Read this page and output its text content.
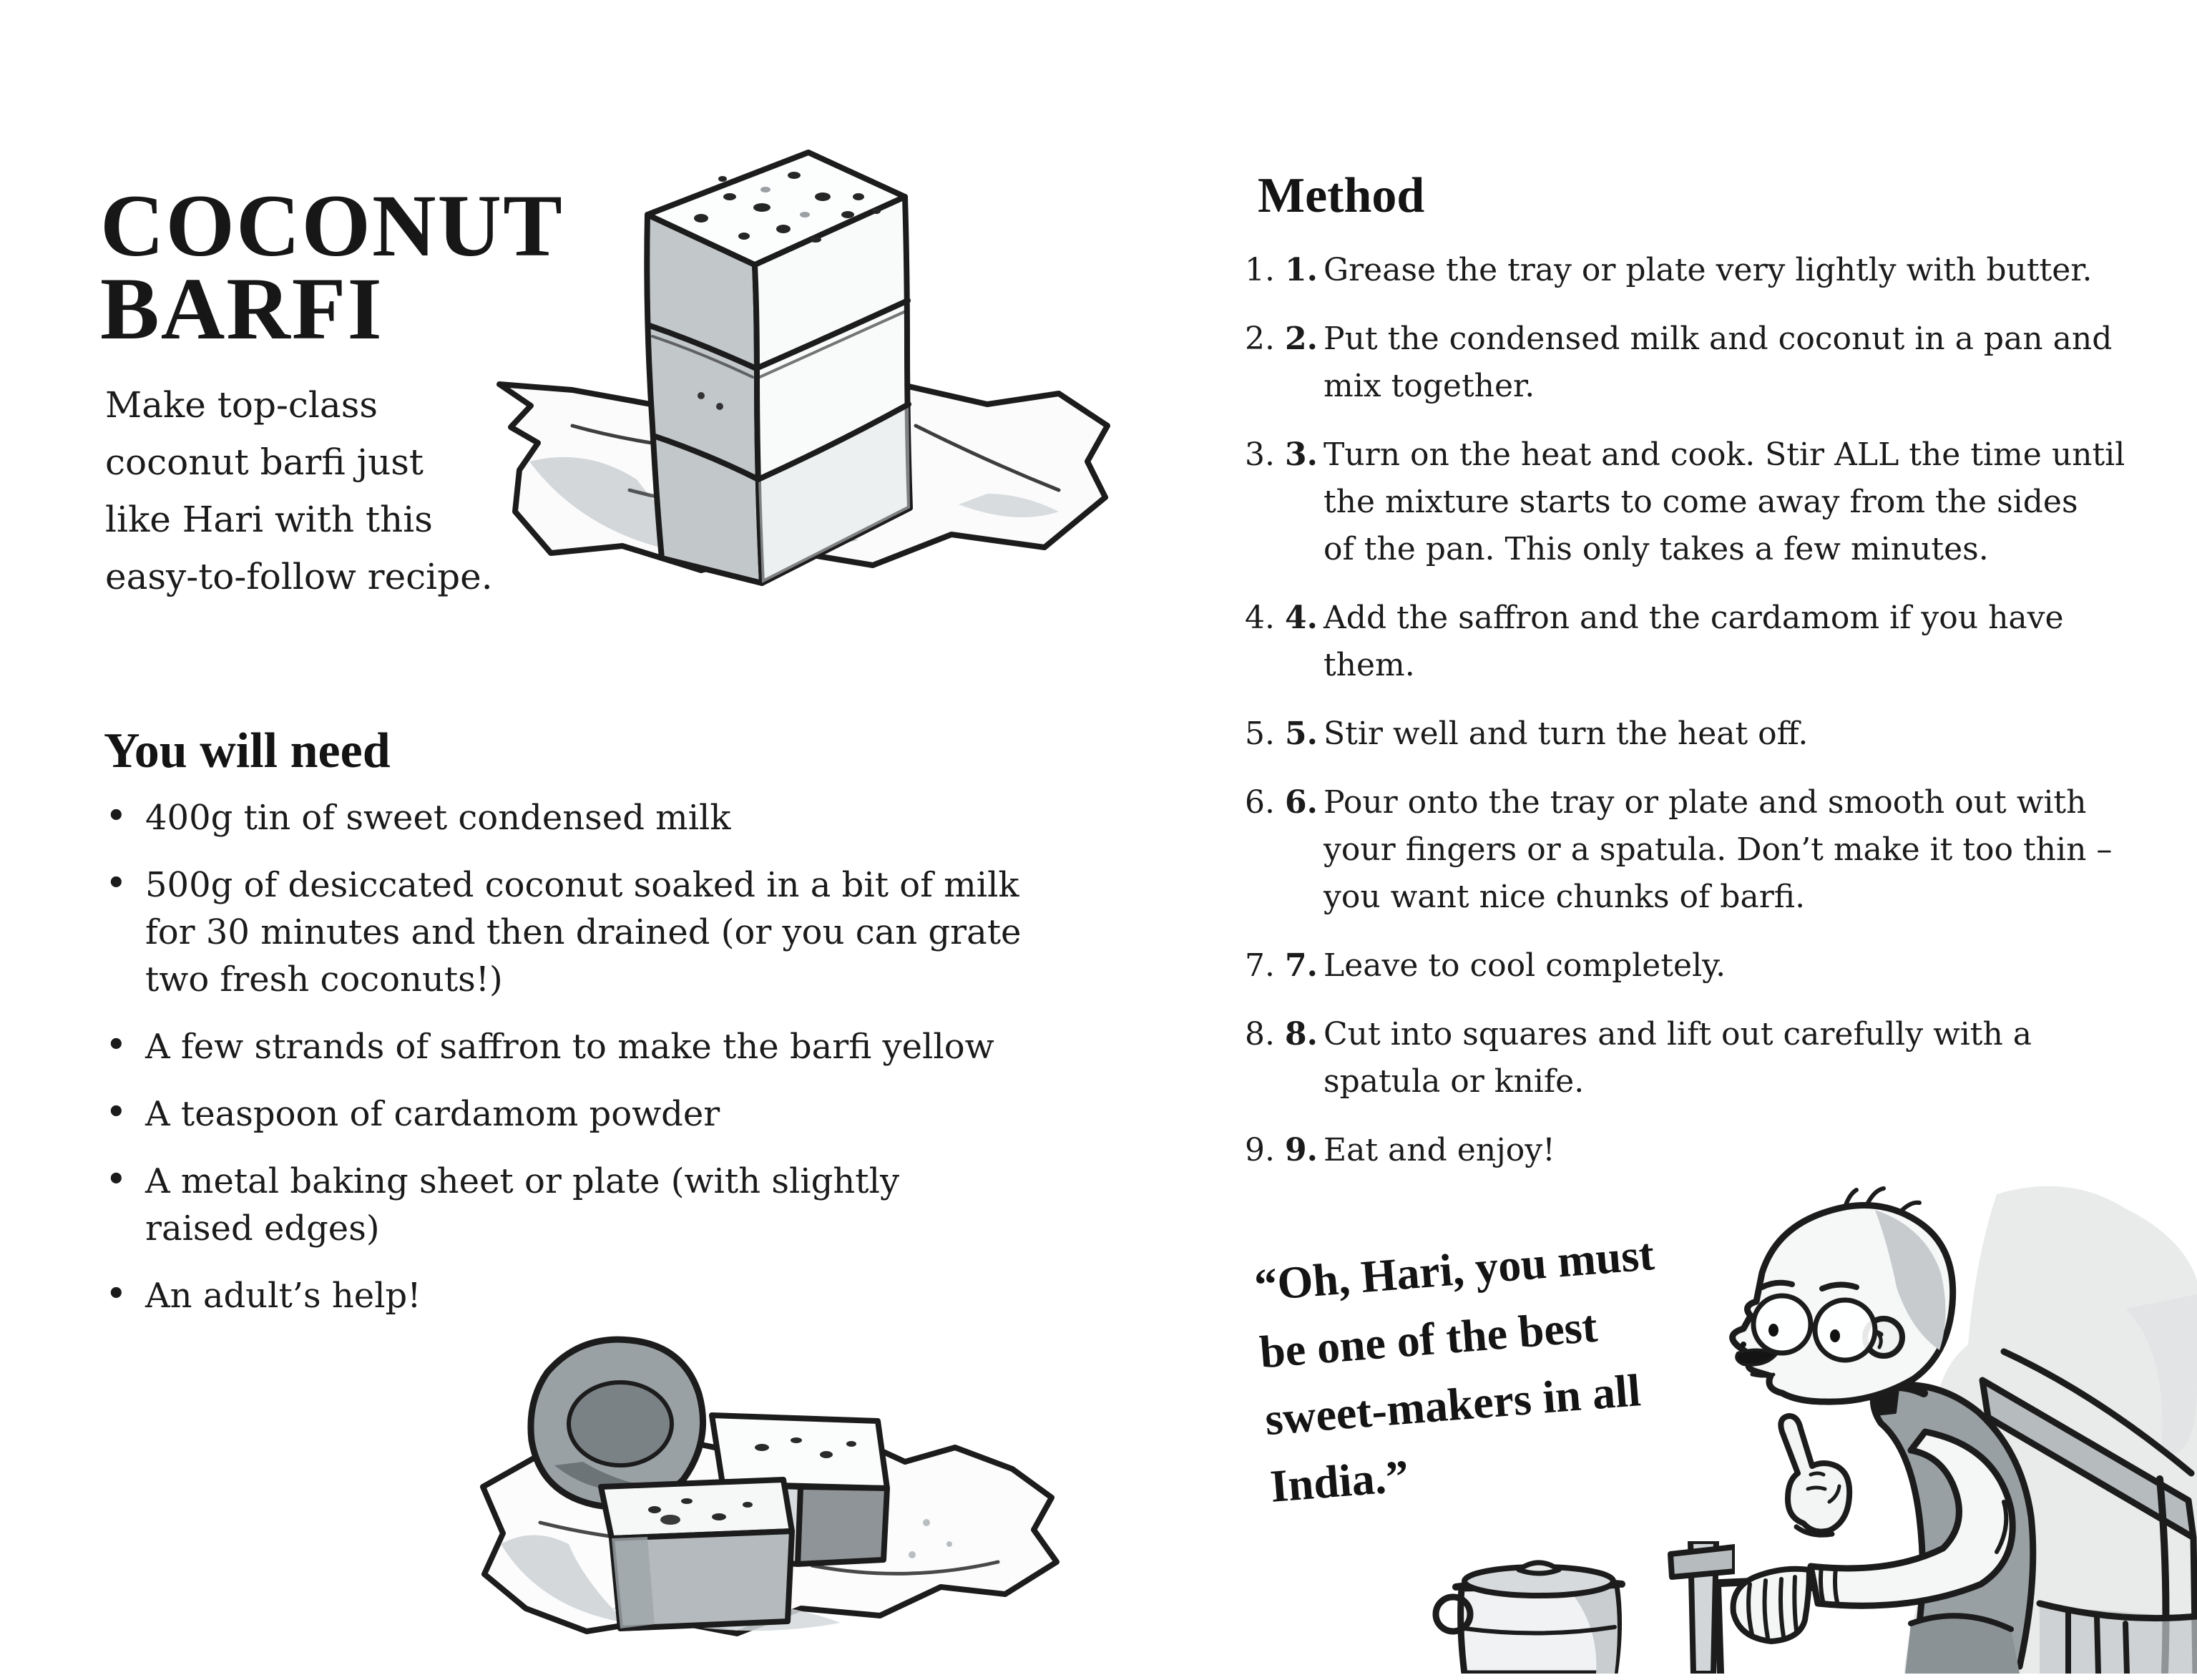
COCONUT
BARFI

Make top-class
coconut barfi just
like Hari with this
easy-to-follow recipe.

You will need
• 400g tin of sweet condensed milk
• 500g of desiccated coconut soaked in a bit of milk
for 30 minutes and then drained (or you can grate
two fresh coconuts!)
• A few strands of saffron to make the barfi yellow
• A teaspoon of cardamom powder
• A metal baking sheet or plate (with slightly
raised edges)
• An adult’s help!
Method
1. 1. Grease the tray or plate very lightly with butter.
2. 2. Put the condensed milk and coconut in a pan and
mix together.
3. 3. Turn on the heat and cook. Stir ALL the time until
the mixture starts to come away from the sides
of the pan. This only takes a few minutes.
4. 4. Add the saffron and the cardamom if you have
them.
5. 5. Stir well and turn the heat off.
6. 6. Pour onto the tray or plate and smooth out with
your fingers or a spatula. Don’t make it too thin –
you want nice chunks of barfi.
7. 7. Leave to cool completely.
8. 8. Cut into squares and lift out carefully with a
spatula or knife.
9. 9. Eat and enjoy!
“Oh, Hari, you must
be one of the best
sweet-makers in all
India.”
